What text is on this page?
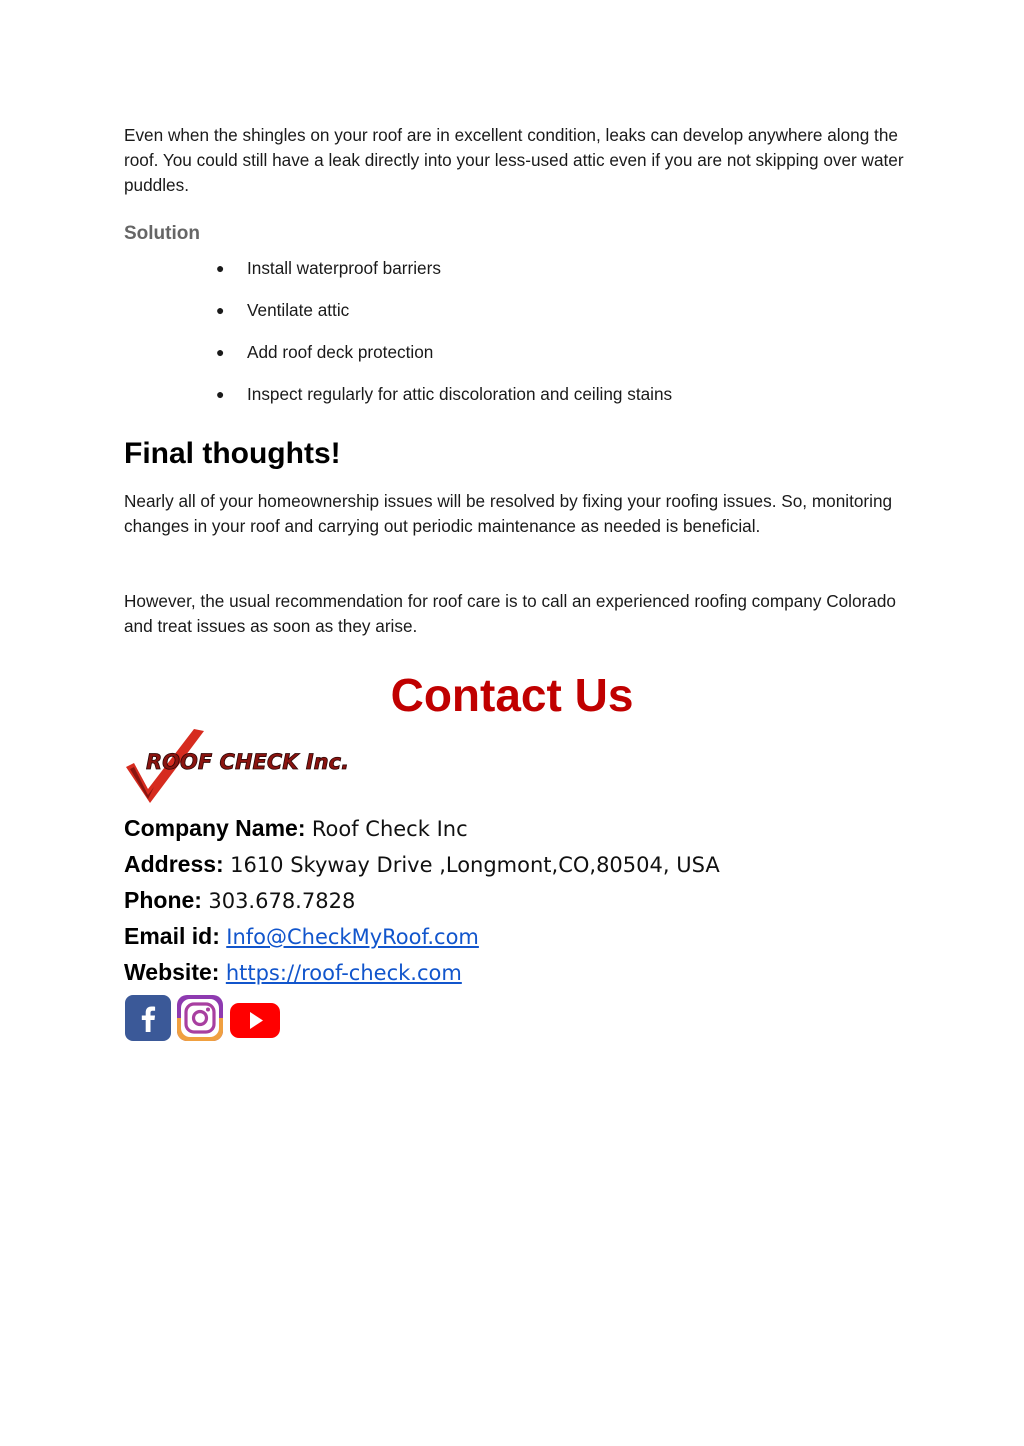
Even when the shingles on your roof are in excellent condition, leaks can develop anywhere along the roof. You could still have a leak directly into your less-used attic even if you are not skipping over water puddles.

Solution
● Install waterproof barriers
● Ventilate attic
● Add roof deck protection
● Inspect regularly for attic discoloration and ceiling stains
Final thoughts!

Nearly all of your homeownership issues will be resolved by fixing your roofing issues. So, monitoring changes in your roof and carrying out periodic maintenance as needed is beneficial.

However, the usual recommendation for roof care is to call an experienced roofing company Colorado and treat issues as soon as they arise.

Contact Us
ROOF CHECK Inc.
Company Name: Roof Check Inc
Address: 1610 Skyway Drive ,Longmont,CO,80504, USA
Phone: 303.678.7828
Email id: Info@CheckMyRoof.com
Website: https://roof-check.com
